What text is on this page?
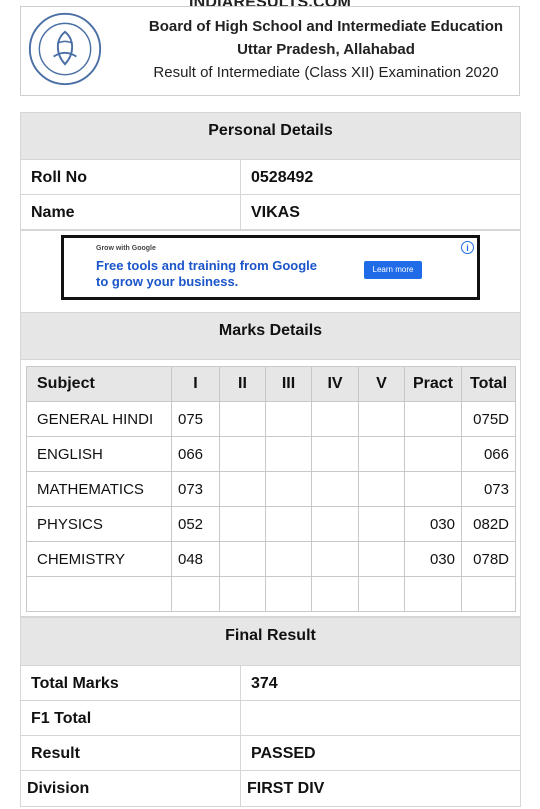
Board of High School and Intermediate Education
Uttar Pradesh, Allahabad
Result of Intermediate (Class XII) Examination 2020
Personal Details
Roll No	0528492
Name	VIKAS
Grow with Google
Free tools and training from Google
to grow your business.
Learn more
i
Marks Details
Subject	I	II	III	IV	V	Pract	Total
GENERAL HINDI	075						075D
ENGLISH	066						066
MATHEMATICS	073						073
PHYSICS	052					030	082D
CHEMISTRY	048					030	078D

Final Result
Total Marks	374
F1 Total
Result	PASSED
Division	FIRST DIV
